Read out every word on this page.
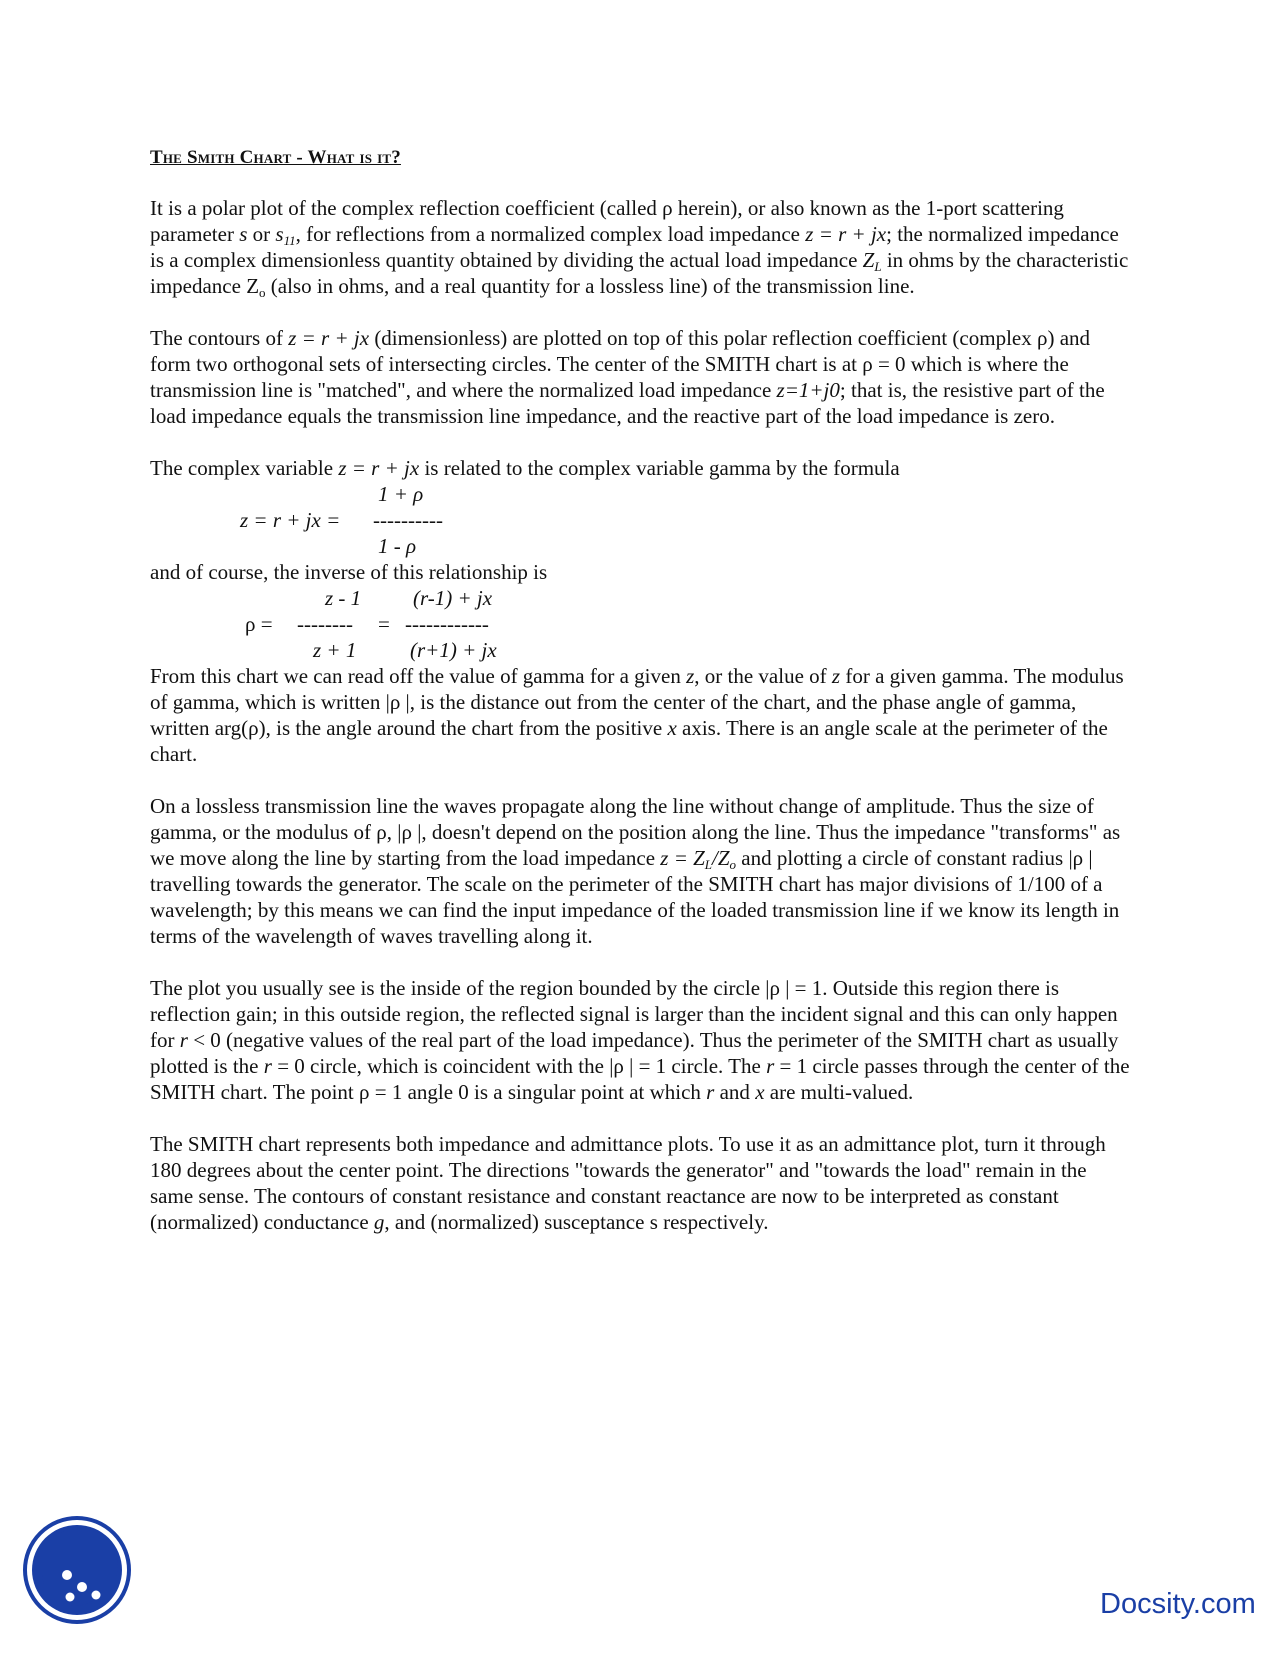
The Smith Chart - What is it?

It is a polar plot of the complex reflection coefficient (called ρ herein), or also known as the 1-port scattering parameter s or $s_{11}$, for reflections from a normalized complex load impedance z = r + jx; the normalized impedance is a complex dimensionless quantity obtained by dividing the actual load impedance $Z_L$ in ohms by the characteristic impedance $Z_o$ (also in ohms, and a real quantity for a lossless line) of the transmission line.

The contours of z = r + jx (dimensionless) are plotted on top of this polar reflection coefficient (complex ρ) and form two orthogonal sets of intersecting circles. The center of the SMITH chart is at ρ = 0 which is where the transmission line is "matched", and where the normalized load impedance z=1+j0; that is, the resistive part of the load impedance equals the transmission line impedance, and the reactive part of the load impedance is zero.

The complex variable z = r + jx is related to the complex variable gamma by the formula

1 + ρ
z = r + jx = ----------
1 - ρ

and of course, the inverse of this relationship is

z - 1 (r-1) + jx
ρ = -------- = ------------
z + 1	(r+1) + jx

From this chart we can read off the value of gamma for a given z, or the value of z for a given gamma. The modulus of gamma, which is written |ρ |, is the distance out from the center of the chart, and the phase angle of gamma, written arg(ρ), is the angle around the chart from the positive x axis. There is an angle scale at the perimeter of the chart.

On a lossless transmission line the waves propagate along the line without change of amplitude. Thus the size of gamma, or the modulus of ρ, |ρ |, doesn't depend on the position along the line. Thus the impedance "transforms" as we move along the line by starting from the load impedance $z = Z_L/Z_o$ and plotting a circle of constant radius |ρ | travelling towards the generator. The scale on the perimeter of the SMITH chart has major divisions of 1/100 of a wavelength; by this means we can find the input impedance of the loaded transmission line if we know its length in terms of the wavelength of waves travelling along it.

The plot you usually see is the inside of the region bounded by the circle |ρ | = 1. Outside this region there is reflection gain; in this outside region, the reflected signal is larger than the incident signal and this can only happen for r < 0 (negative values of the real part of the load impedance). Thus the perimeter of the SMITH chart as usually plotted is the r = 0 circle, which is coincident with the |ρ | = 1 circle. The r = 1 circle passes through the center of the SMITH chart. The point ρ = 1 angle 0 is a singular point at which r and x are multi-valued.

The SMITH chart represents both impedance and admittance plots. To use it as an admittance plot, turn it through 180 degrees about the center point. The directions "towards the generator" and "towards the load" remain in the same sense. The contours of constant resistance and constant reactance are now to be interpreted as constant (normalized) conductance g, and (normalized) susceptance s respectively.

Docsity.com
